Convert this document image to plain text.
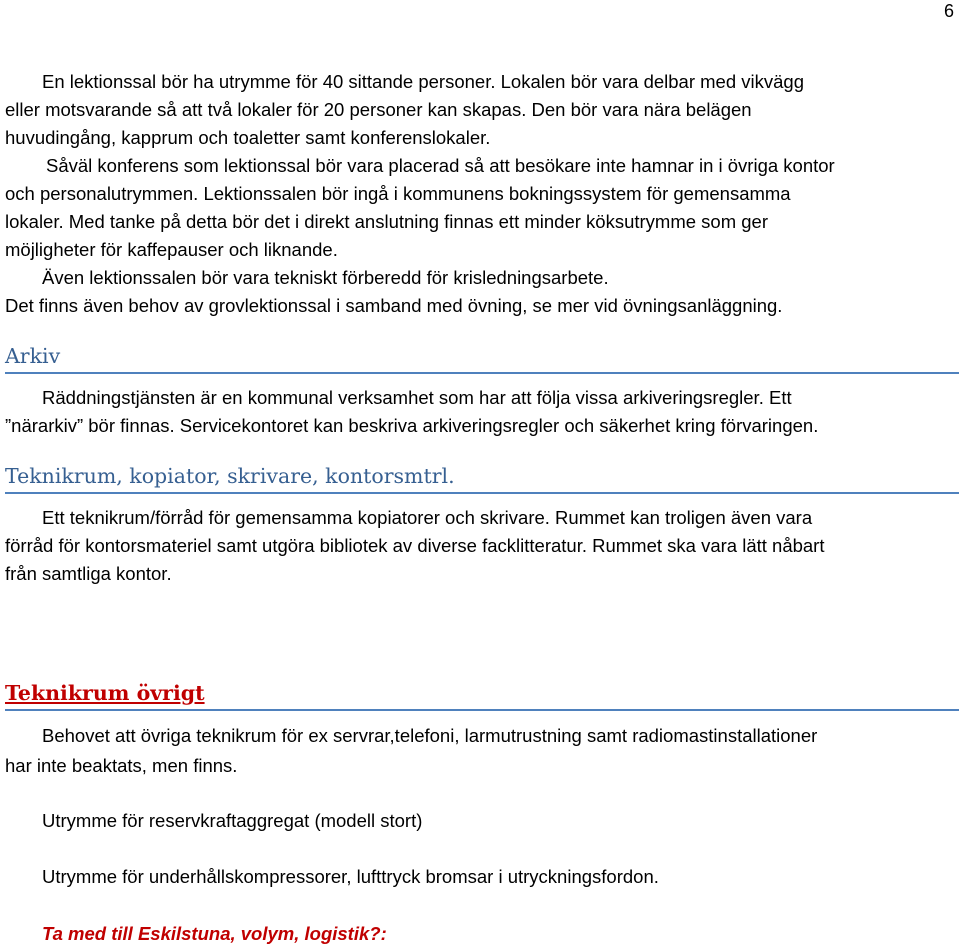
6
En lektionssal bör ha utrymme för 40 sittande personer. Lokalen bör vara delbar med vikvägg
eller motsvarande så att två lokaler för 20 personer kan skapas. Den bör vara nära belägen
huvudingång, kapprum och toaletter samt konferenslokaler.
Såväl konferens som lektionssal bör vara placerad så att besökare inte hamnar in i övriga kontor
och personalutrymmen. Lektionssalen bör ingå i kommunens bokningssystem för gemensamma
lokaler. Med tanke på detta bör det i direkt anslutning finnas ett minder köksutrymme som ger
möjligheter för kaffepauser och liknande.
Även lektionssalen bör vara tekniskt förberedd för krisledningsarbete.
Det finns även behov av grovlektionssal i samband med övning, se mer vid övningsanläggning.
Arkiv
Räddningstjänsten är en kommunal verksamhet som har att följa vissa arkiveringsregler. Ett
”närarkiv” bör finnas. Servicekontoret kan beskriva arkiveringsregler och säkerhet kring förvaringen.
Teknikrum, kopiator, skrivare, kontorsmtrl.
Ett teknikrum/förråd för gemensamma kopiatorer och skrivare. Rummet kan troligen även vara
förråd för kontorsmateriel samt utgöra bibliotek av diverse facklitteratur. Rummet ska vara lätt nåbart
från samtliga kontor.
Teknikrum övrigt
Behovet att övriga teknikrum för ex servrar,telefoni, larmutrustning samt radiomastinstallationer
har inte beaktats, men finns.
Utrymme för reservkraftaggregat (modell stort)
Utrymme för underhållskompressorer, lufttryck bromsar i utryckningsfordon.
Ta med till Eskilstuna, volym, logistik?:
